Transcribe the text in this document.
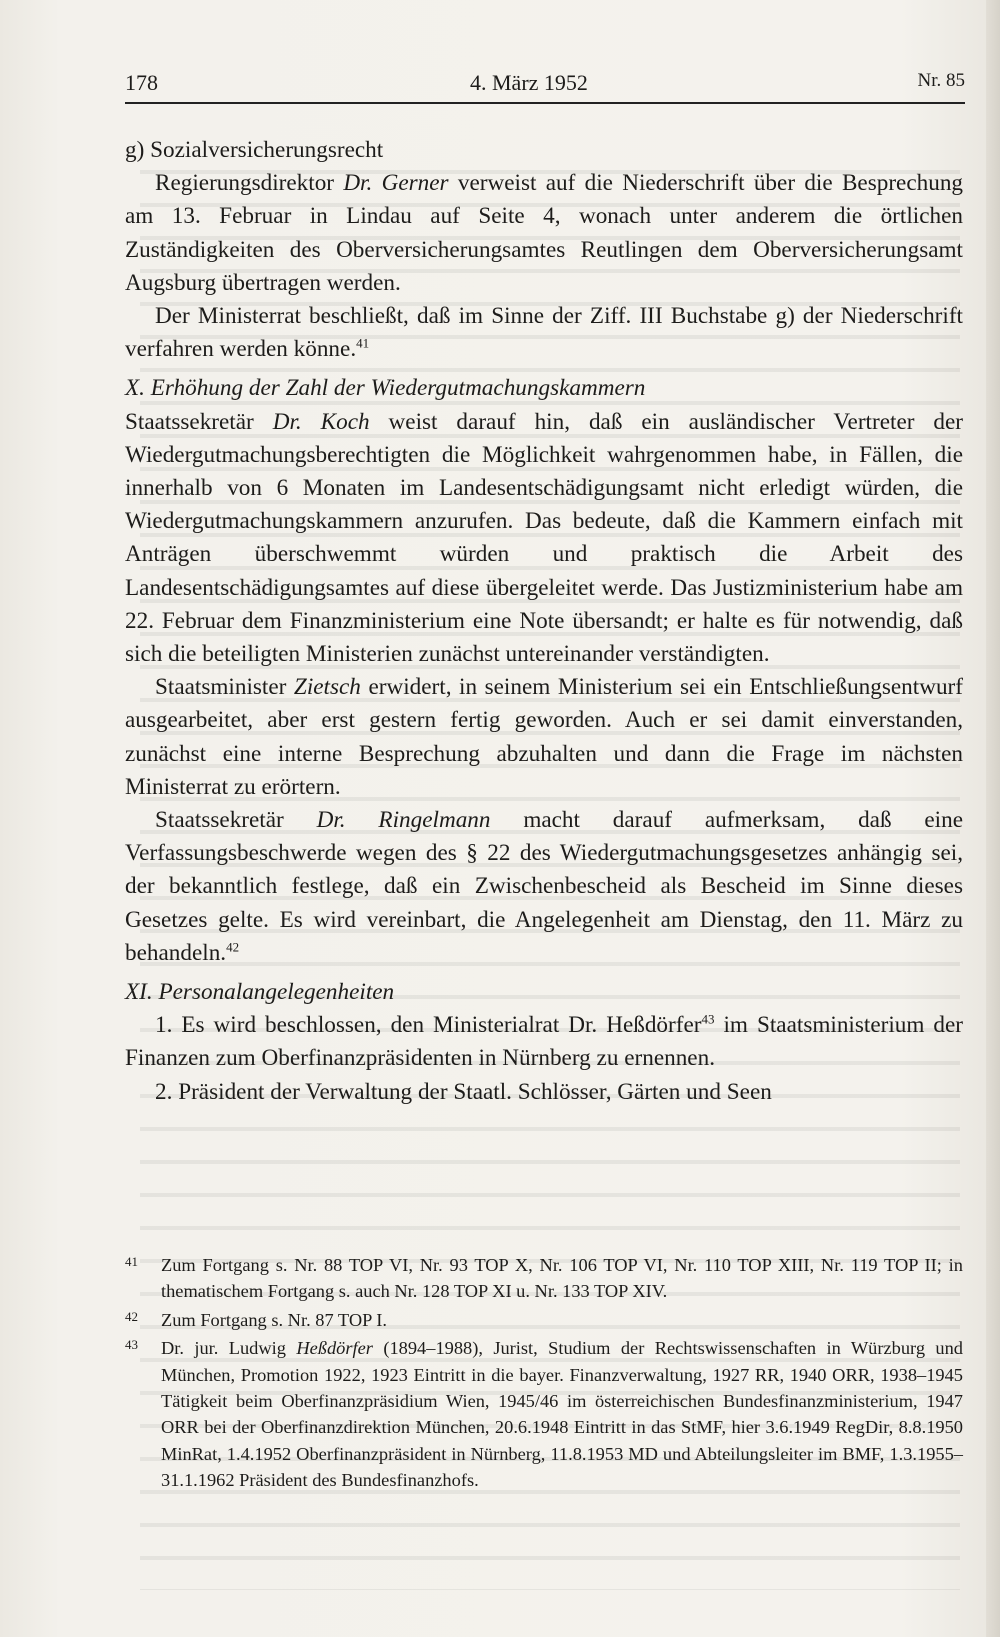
178	4. März 1952	Nr. 85

g) Sozialversicherungsrecht

Regierungsdirektor Dr. Gerner verweist auf die Niederschrift über die Besprechung am 13. Februar in Lindau auf Seite 4, wonach unter anderem die örtlichen Zuständigkeiten des Oberversicherungsamtes Reutlingen dem Oberversicherungsamt Augsburg übertragen werden.

Der Ministerrat beschließt, daß im Sinne der Ziff. III Buchstabe g) der Niederschrift verfahren werden könne.$^{41}$

X. Erhöhung der Zahl der Wiedergutmachungskammern

Staatssekretär Dr. Koch weist darauf hin, daß ein ausländischer Vertreter der Wiedergutmachungsberechtigten die Möglichkeit wahrgenommen habe, in Fällen, die innerhalb von 6 Monaten im Landesentschädigungsamt nicht erledigt würden, die Wiedergutmachungskammern anzurufen. Das bedeute, daß die Kammern einfach mit Anträgen überschwemmt würden und praktisch die Arbeit des Landesentschädigungsamtes auf diese übergeleitet werde. Das Justizministerium habe am 22. Februar dem Finanzministerium eine Note übersandt; er halte es für notwendig, daß sich die beteiligten Ministerien zunächst untereinander verständigten.

Staatsminister Zietsch erwidert, in seinem Ministerium sei ein Entschließungsentwurf ausgearbeitet, aber erst gestern fertig geworden. Auch er sei damit einverstanden, zunächst eine interne Besprechung abzuhalten und dann die Frage im nächsten Ministerrat zu erörtern.

Staatssekretär Dr. Ringelmann macht darauf aufmerksam, daß eine Verfassungsbeschwerde wegen des § 22 des Wiedergutmachungsgesetzes anhängig sei, der bekanntlich festlege, daß ein Zwischenbescheid als Bescheid im Sinne dieses Gesetzes gelte. Es wird vereinbart, die Angelegenheit am Dienstag, den 11. März zu behandeln.$^{42}$

XI. Personalangelegenheiten

1. Es wird beschlossen, den Ministerialrat Dr. Heßdörfer$^{43}$ im Staatsministerium der Finanzen zum Oberfinanzpräsidenten in Nürnberg zu ernennen.

2. Präsident der Verwaltung der Staatl. Schlösser, Gärten und Seen

41 Zum Fortgang s. Nr. 88 TOP VI, Nr. 93 TOP X, Nr. 106 TOP VI, Nr. 110 TOP XIII, Nr. 119 TOP II; in thematischem Fortgang s. auch Nr. 128 TOP XI u. Nr. 133 TOP XIV.

42 Zum Fortgang s. Nr. 87 TOP I.

43 Dr. jur. Ludwig Heßdörfer (1894–1988), Jurist, Studium der Rechtswissenschaften in Würzburg und München, Promotion 1922, 1923 Eintritt in die bayer. Finanzverwaltung, 1927 RR, 1940 ORR, 1938–1945 Tätigkeit beim Oberfinanzpräsidium Wien, 1945/46 im österreichischen Bundesfinanzministerium, 1947 ORR bei der Oberfinanzdirektion München, 20.6.1948 Eintritt in das StMF, hier 3.6.1949 RegDir, 8.8.1950 MinRat, 1.4.1952 Oberfinanzpräsident in Nürnberg, 11.8.1953 MD und Abteilungsleiter im BMF, 1.3.1955–31.1.1962 Präsident des Bundesfinanzhofs.
